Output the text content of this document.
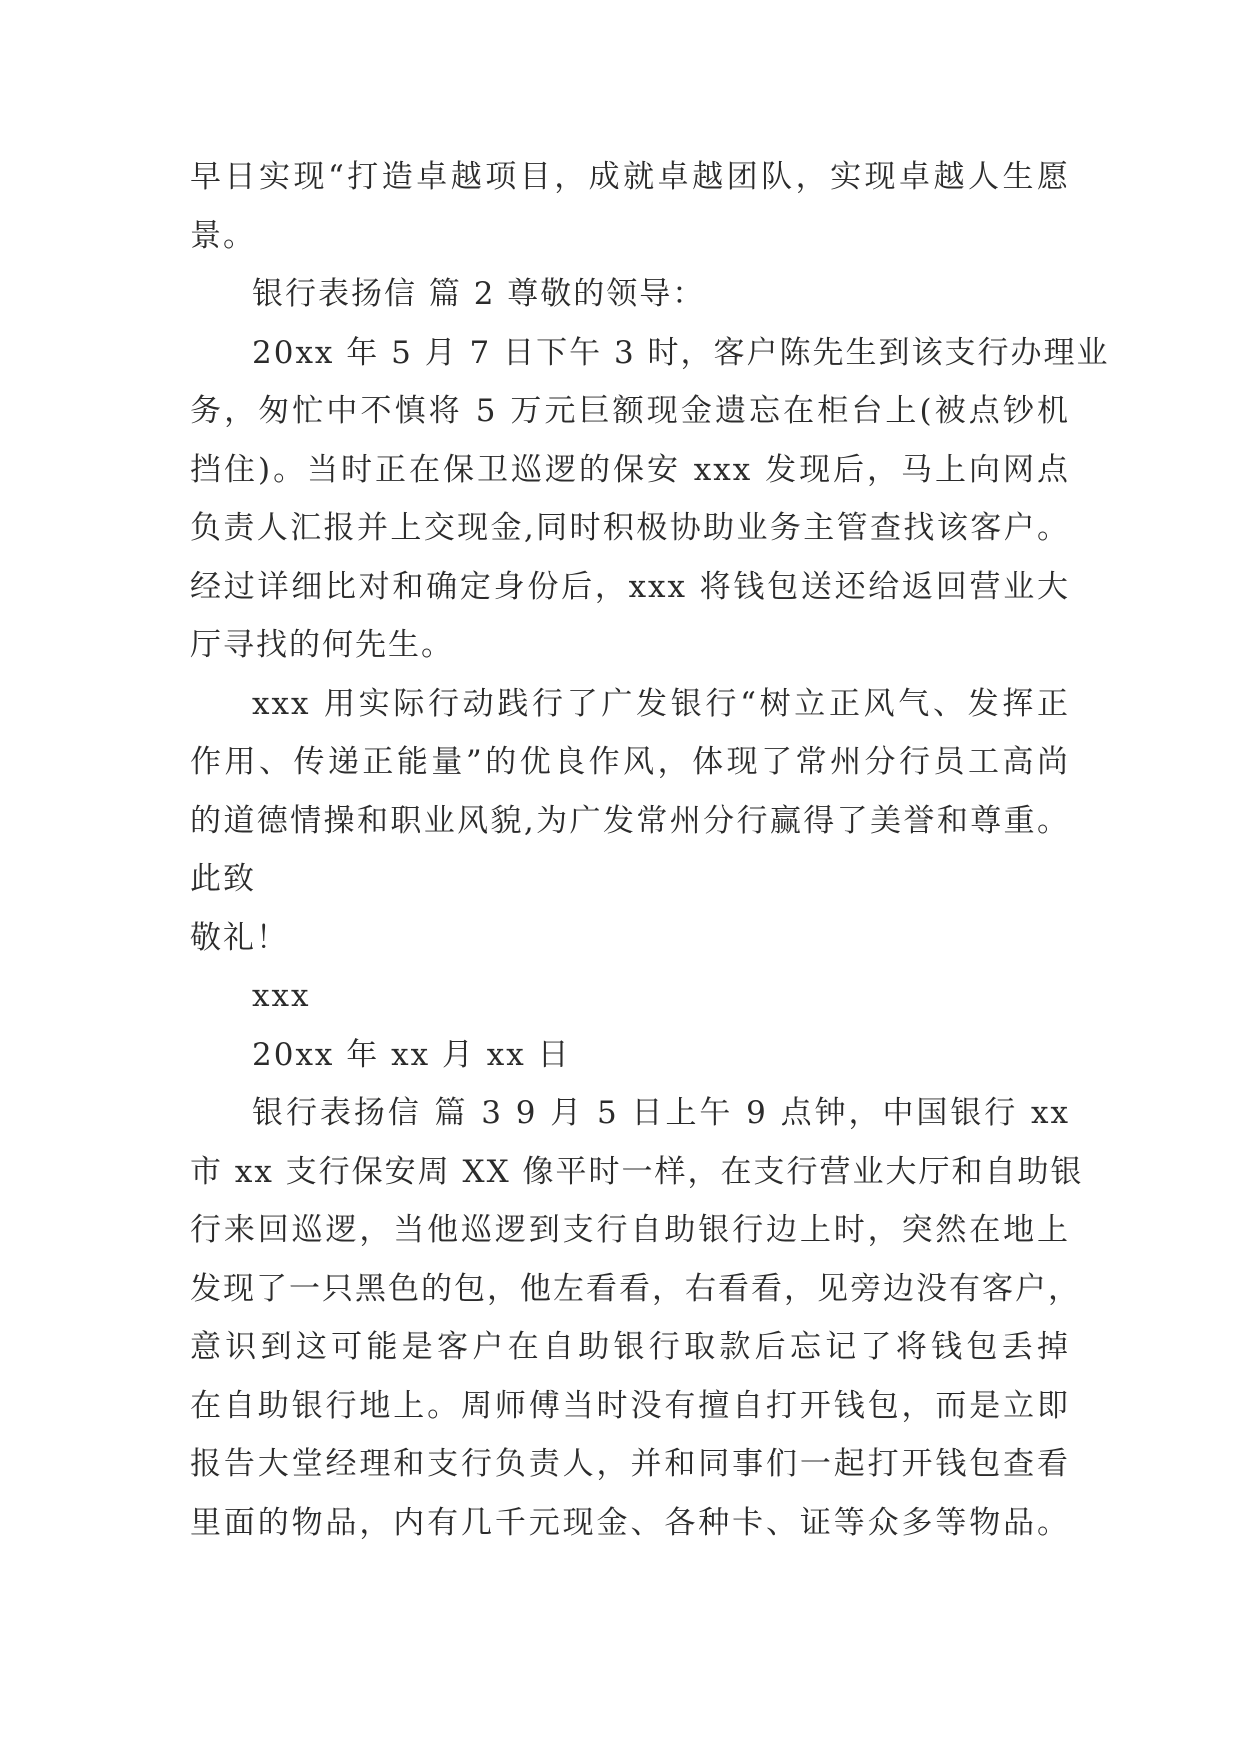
早日实现“打造卓越项目，成就卓越团队，实现卓越人生愿
景。
银行表扬信 篇 2 尊敬的领导：
20xx 年 5 月 7 日下午 3 时，客户陈先生到该支行办理业
务，匆忙中不慎将 5 万元巨额现金遗忘在柜台上(被点钞机
挡住)。当时正在保卫巡逻的保安 xxx 发现后，马上向网点
负责人汇报并上交现金,同时积极协助业务主管查找该客户。
经过详细比对和确定身份后，xxx 将钱包送还给返回营业大
厅寻找的何先生。
xxx 用实际行动践行了广发银行“树立正风气、发挥正
作用、传递正能量”的优良作风，体现了常州分行员工高尚
的道德情操和职业风貌,为广发常州分行赢得了美誉和尊重。
此致
敬礼！
xxx
20xx 年 xx 月 xx 日
银行表扬信 篇 3 9 月 5 日上午 9 点钟，中国银行 xx
市 xx 支行保安周 XX 像平时一样，在支行营业大厅和自助银
行来回巡逻，当他巡逻到支行自助银行边上时，突然在地上
发现了一只黑色的包，他左看看，右看看，见旁边没有客户，
意识到这可能是客户在自助银行取款后忘记了将钱包丢掉
在自助银行地上。周师傅当时没有擅自打开钱包，而是立即
报告大堂经理和支行负责人，并和同事们一起打开钱包查看
里面的物品，内有几千元现金、各种卡、证等众多等物品。
